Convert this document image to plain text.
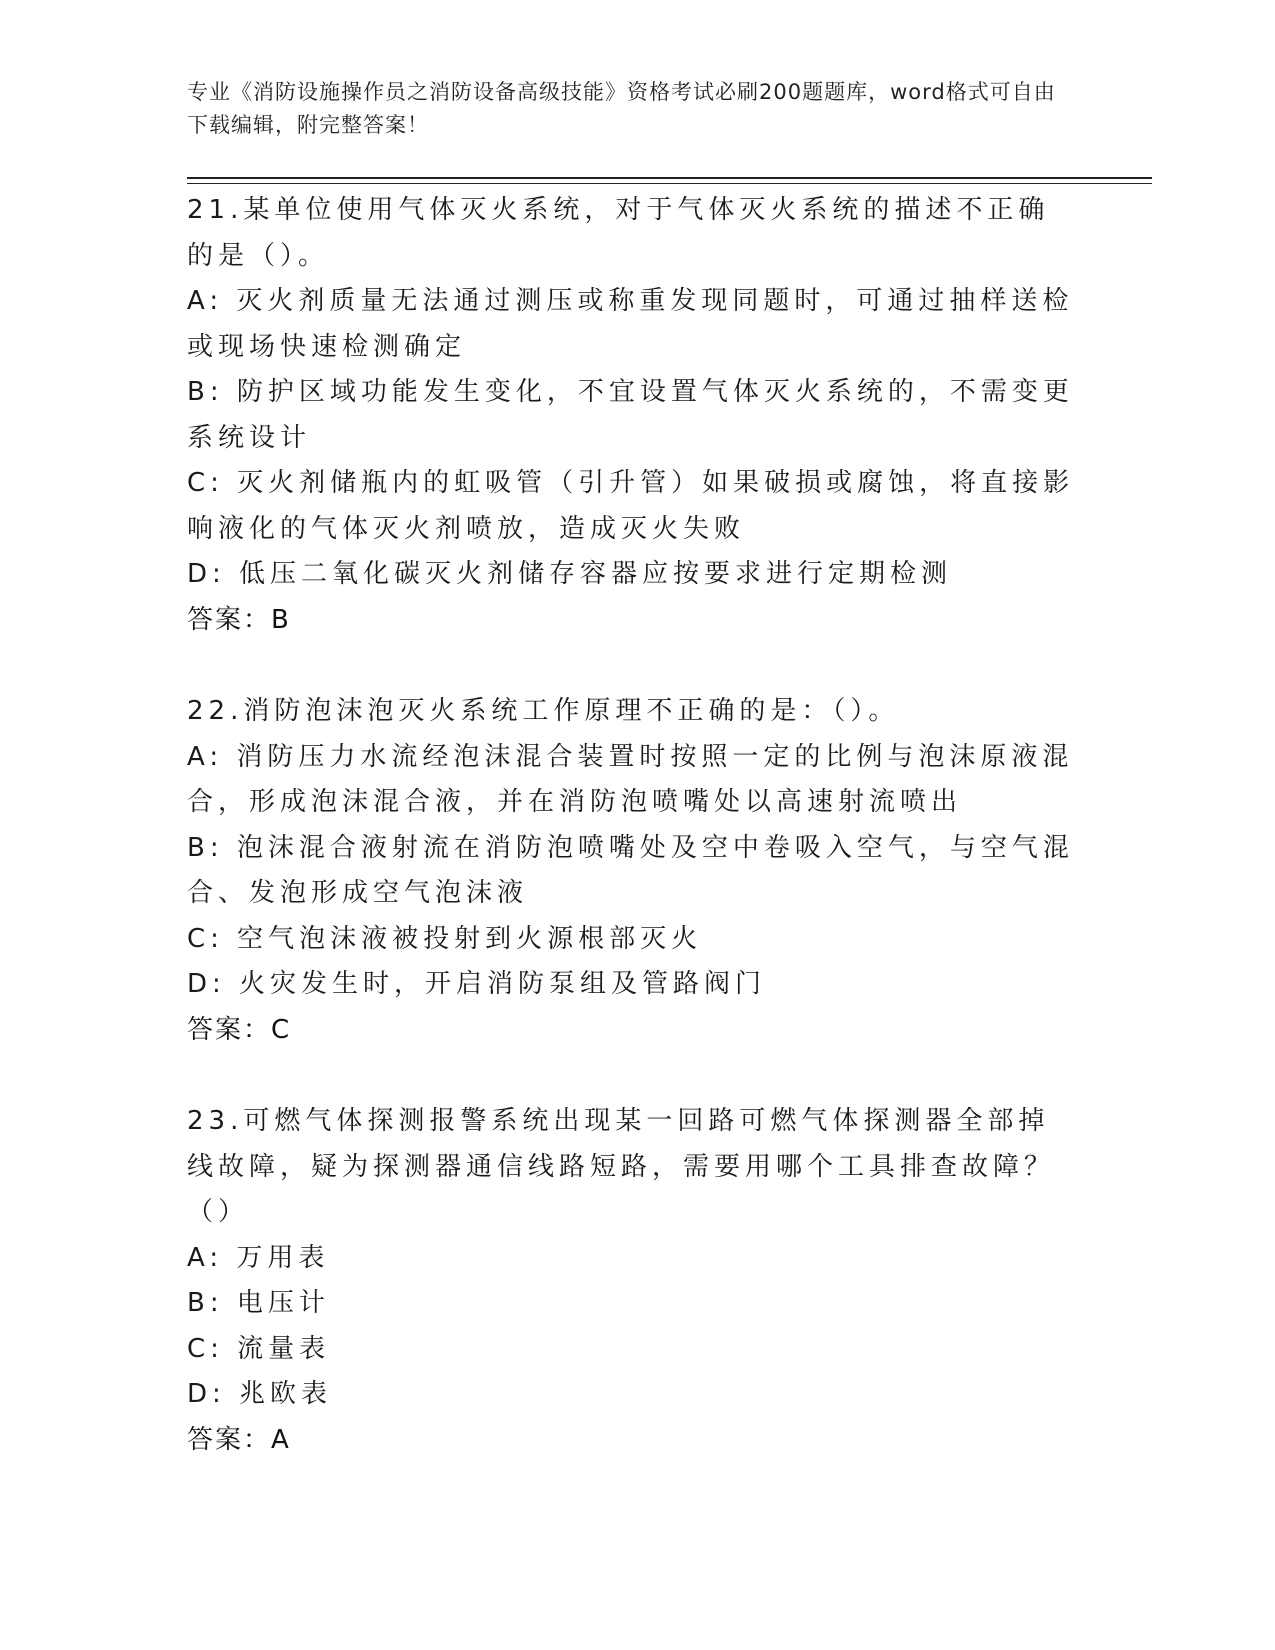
专业《消防设施操作员之消防设备高级技能》资格考试必刷200题题库，word格式可自由下载编辑，附完整答案！
21.某单位使用气体灭火系统，对于气体灭火系统的描述不正确的是（）。
A: 灭火剂质量无法通过测压或称重发现同题时，可通过抽样送检或现场快速检测确定
B: 防护区域功能发生变化，不宜设置气体灭火系统的，不需变更系统设计
C: 灭火剂储瓶内的虹吸管（引升管）如果破损或腐蚀，将直接影响液化的气体灭火剂喷放，造成灭火失败
D: 低压二氧化碳灭火剂储存容器应按要求进行定期检测
答案：B
22.消防泡沫泡灭火系统工作原理不正确的是：（）。
A: 消防压力水流经泡沫混合装置时按照一定的比例与泡沫原液混合，形成泡沫混合液，并在消防泡喷嘴处以高速射流喷出
B: 泡沫混合液射流在消防泡喷嘴处及空中卷吸入空气，与空气混合、发泡形成空气泡沫液
C: 空气泡沫液被投射到火源根部灭火
D: 火灾发生时，开启消防泵组及管路阀门
答案：C
23.可燃气体探测报警系统出现某一回路可燃气体探测器全部掉线故障，疑为探测器通信线路短路，需要用哪个工具排查故障？（）
A: 万用表
B: 电压计
C: 流量表
D: 兆欧表
答案：A
